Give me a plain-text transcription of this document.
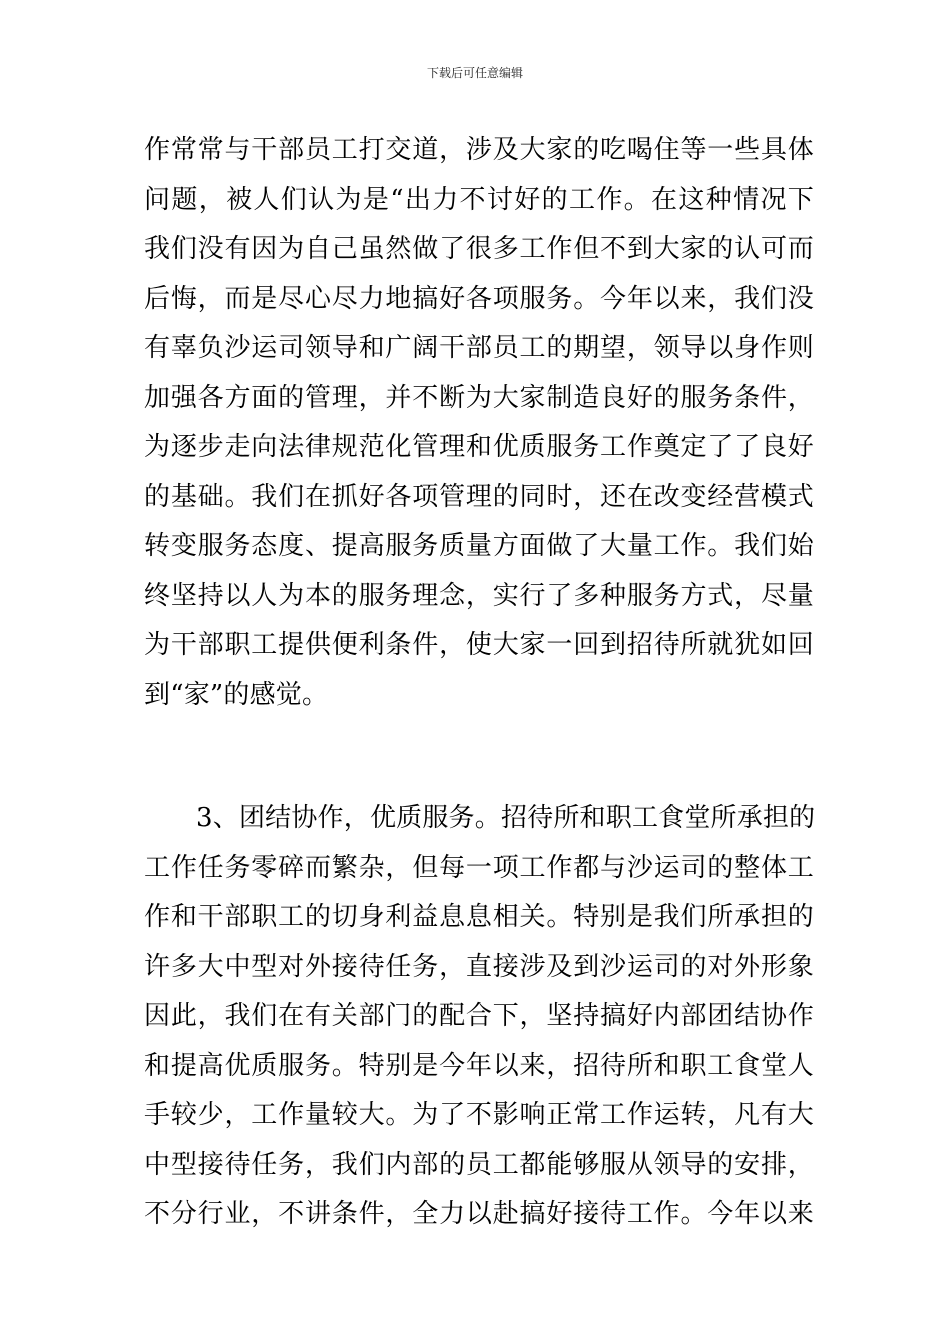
下载后可任意编辑
作常常与干部员工打交道，涉及大家的吃喝住等一些具体
问题，被人们认为是“出力不讨好的工作。在这种情况下
我们没有因为自己虽然做了很多工作但不到大家的认可而
后悔，而是尽心尽力地搞好各项服务。今年以来，我们没
有辜负沙运司领导和广阔干部员工的期望，领导以身作则
加强各方面的管理，并不断为大家制造良好的服务条件，
为逐步走向法律规范化管理和优质服务工作奠定了了良好
的基础。我们在抓好各项管理的同时，还在改变经营模式
转变服务态度、提高服务质量方面做了大量工作。我们始
终坚持以人为本的服务理念，实行了多种服务方式，尽量
为干部职工提供便利条件，使大家一回到招待所就犹如回
到“家”的感觉。
3、团结协作，优质服务。招待所和职工食堂所承担的
工作任务零碎而繁杂，但每一项工作都与沙运司的整体工
作和干部职工的切身利益息息相关。特别是我们所承担的
许多大中型对外接待任务，直接涉及到沙运司的对外形象
因此，我们在有关部门的配合下，坚持搞好内部团结协作
和提高优质服务。特别是今年以来，招待所和职工食堂人
手较少，工作量较大。为了不影响正常工作运转，凡有大
中型接待任务，我们内部的员工都能够服从领导的安排，
不分行业，不讲条件，全力以赴搞好接待工作。今年以来
